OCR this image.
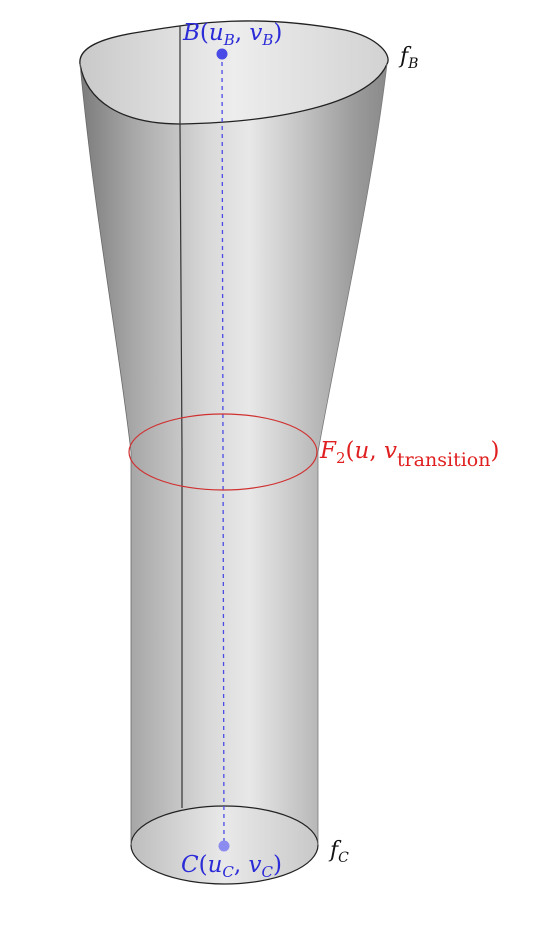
$B(u_B$, $v_B$)
$f_B$
$F_2(u$, $v_{transition}$)
$f_C$
$C(u_C$, $v_C$)
